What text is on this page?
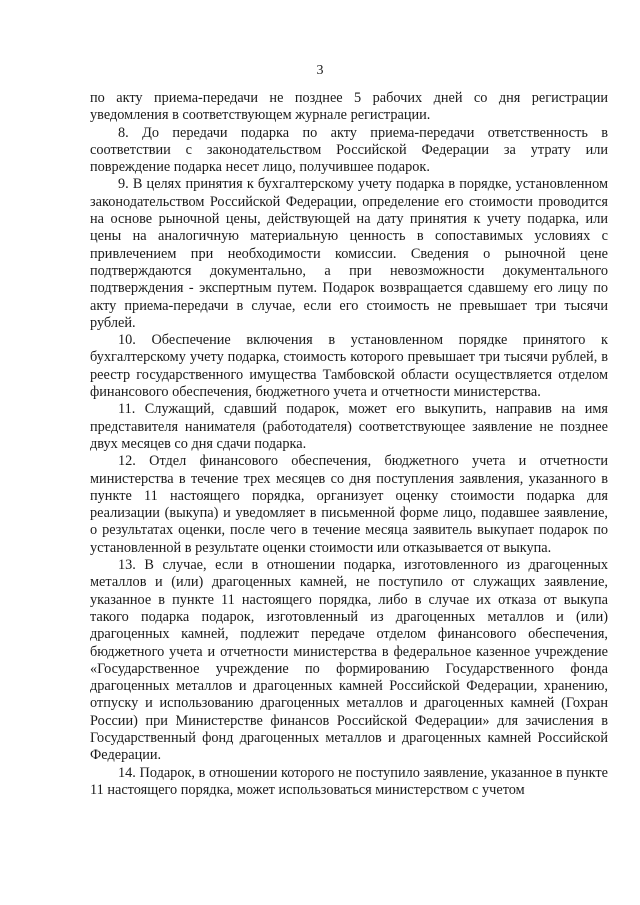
3

по акту приема-передачи не позднее 5 рабочих дней со дня регистрации уведомления в соответствующем журнале регистрации.

8. До передачи подарка по акту приема-передачи ответственность в соответствии с законодательством Российской Федерации за утрату или повреждение подарка несет лицо, получившее подарок.

9. В целях принятия к бухгалтерскому учету подарка в порядке, установленном законодательством Российской Федерации, определение его стоимости проводится на основе рыночной цены, действующей на дату принятия к учету подарка, или цены на аналогичную материальную ценность в сопоставимых условиях с привлечением при необходимости комиссии. Сведения о рыночной цене подтверждаются документально, а при невозможности документального подтверждения - экспертным путем. Подарок возвращается сдавшему его лицу по акту приема-передачи в случае, если его стоимость не превышает три тысячи рублей.

10. Обеспечение включения в установленном порядке принятого к бухгалтерскому учету подарка, стоимость которого превышает три тысячи рублей, в реестр государственного имущества Тамбовской области осуществляется отделом финансового обеспечения, бюджетного учета и отчетности министерства.

11. Служащий, сдавший подарок, может его выкупить, направив на имя представителя нанимателя (работодателя) соответствующее заявление не позднее двух месяцев со дня сдачи подарка.

12. Отдел финансового обеспечения, бюджетного учета и отчетности министерства в течение трех месяцев со дня поступления заявления, указанного в пункте 11 настоящего порядка, организует оценку стоимости подарка для реализации (выкупа) и уведомляет в письменной форме лицо, подавшее заявление, о результатах оценки, после чего в течение месяца заявитель выкупает подарок по установленной в результате оценки стоимости или отказывается от выкупа.

13. В случае, если в отношении подарка, изготовленного из драгоценных металлов и (или) драгоценных камней, не поступило от служащих заявление, указанное в пункте 11 настоящего порядка, либо в случае их отказа от выкупа такого подарка подарок, изготовленный из драгоценных металлов и (или) драгоценных камней, подлежит передаче отделом финансового обеспечения, бюджетного учета и отчетности министерства в федеральное казенное учреждение «Государственное учреждение по формированию Государственного фонда драгоценных металлов и драгоценных камней Российской Федерации, хранению, отпуску и использованию драгоценных металлов и драгоценных камней (Гохран России) при Министерстве финансов Российской Федерации» для зачисления в Государственный фонд драгоценных металлов и драгоценных камней Российской Федерации.

14. Подарок, в отношении которого не поступило заявление, указанное в пункте 11 настоящего порядка, может использоваться министерством с учетом
